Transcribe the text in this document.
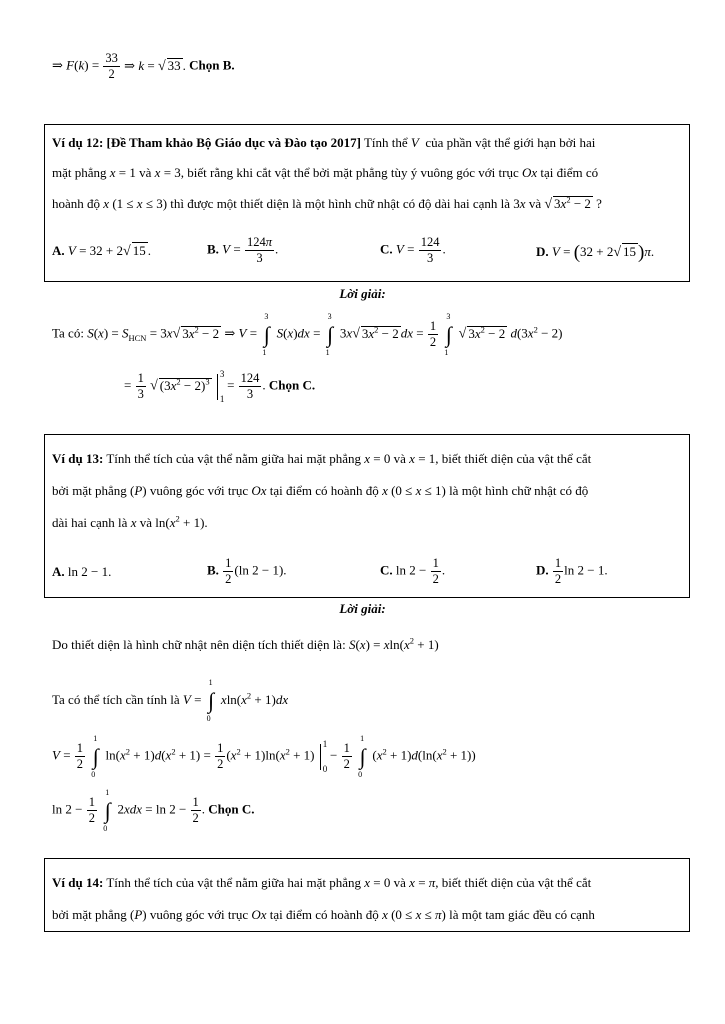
⇒ $F(k) = \frac{33}{2}$ ⇒ k = √ 33 . Chọn B.
Ví dụ 12: [Đề Tham khảo Bộ Giáo dục và Đào tạo 2017] Tính thể V của phần vật thể giới hạn bởi hai
mặt phẳng x = 1 và x = 3, biết rằng khi cắt vật thể bởi mặt phẳng tùy ý vuông góc với trục Ox tại điểm có
hoành độ x (1 ≤ x ≤ 3) thì được một thiết diện là một hình chữ nhật có độ dài hai cạnh là 3x và √ $3x^2 - 2$ ?
A. V = 32 + 2√ 15 .	B. $V = \frac{124\pi}{3}$ .	C. $V = \frac{124}{3}$ .	D. V = (32 + 2√ 15 )π.
Lời giải:
Ta có: $S(x) = S_{HCN} = 3x√$ $3x^2 - 2$ ⇒ V =
3
∫
1
S(x)dx =
3
∫
1
3x√ $3x^2 - 2$ dx = $\frac{1}{2}$

3
∫
1
√ $3x^2 - 2$ $d(3x^2 - 2)$
= $\frac{1}{3}$ √ $(3x^2 - 2)^3$
3
1
= $\frac{124}{3}$ . Chọn C.
Ví dụ 13: Tính thể tích của vật thể nằm giữa hai mặt phẳng x = 0 và x = 1, biết thiết diện của vật thể cắt
bởi mặt phẳng (P) vuông góc với trục Ox tại điểm có hoành độ x (0 ≤ x ≤ 1) là một hình chữ nhật có độ
dài hai cạnh là x và $\ln(x^2 + 1)$.
A. ln 2 − 1.	B. $\frac{1}{2} (\ln$ 2 − 1).	C. $\ln 2 - \frac{1}{2}$ .	D. $\frac{1}{2}$ ln 2 − 1.
Lời giải:
Do thiết diện là hình chữ nhật nên diện tích thiết diện là: $S(x) = xln(x^2 + 1)$
Ta có thể tích cần tính là V =
1
∫
0
$xln(x^2 + 1)dx$
$V = \frac{1}{2}$

1
∫
0
$\ln(x^2 + 1)d(x^2 + 1) = \frac{1}{2} (x^2 + 1)\ln(x^2 + 1)$
1
0
− $\frac{1}{2}$

1
∫
0
$(x^2 + 1)d(\ln(x^2 + 1))$
$\ln 2 - \frac{1}{2}$

1
∫
0
$2xdx = \ln 2 - \frac{1}{2}$ . Chọn C.
Ví dụ 14: Tính thể tích của vật thể nằm giữa hai mặt phẳng x = 0 và x = π, biết thiết diện của vật thể cắt
bởi mặt phẳng (P) vuông góc với trục Ox tại điểm có hoành độ x (0 ≤ x ≤ π) là một tam giác đều có cạnh
